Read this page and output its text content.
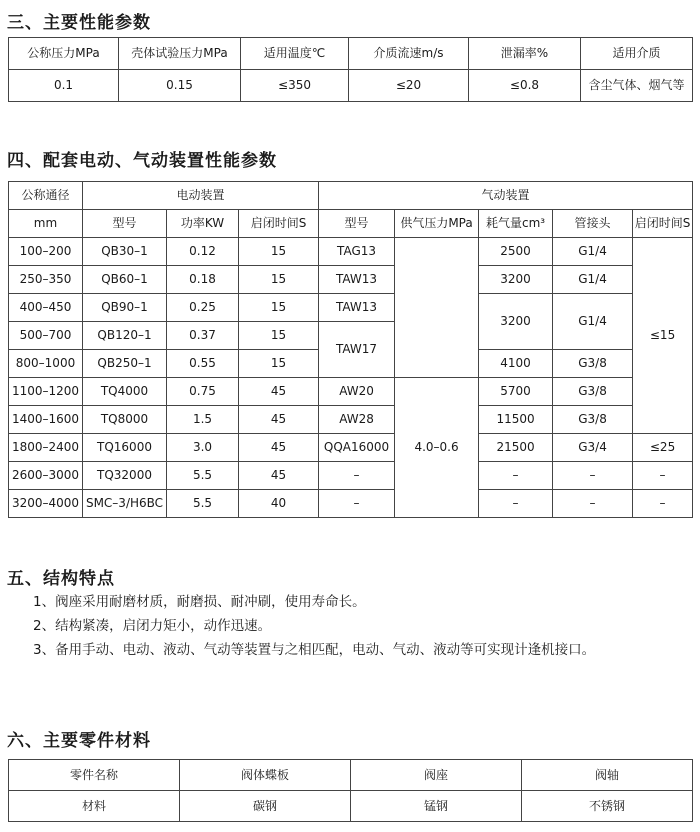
三、主要性能参数
公称压力MPa	壳体试验压力MPa	适用温度℃	介质流速m/s	泄漏率%	适用介质
0.1	0.15	≤350	≤20	≤0.8	含尘气体、烟气等
四、配套电动、气动装置性能参数
公称通径	电动装置			气动装置				
mm	型号	功率KW	启闭时间S	型号	供气压力MPa	耗气量cm³	管接头	启闭时间S
100–200	QB30–1	0.12	15	TAG13		2500	G1/4	≤15
250–350	QB60–1	0.18	15	TAW13		3200	G1/4	
400–450	QB90–1	0.25	15	TAW13		3200	G1/4	
500–700	QB120–1	0.37	15	TAW17				
800–1000	QB250–1	0.55	15			4100	G3/8	
1100–1200	TQ4000	0.75	45	AW20	4.0–0.6	5700	G3/8	
1400–1600	TQ8000	1.5	45	AW28		11500	G3/8	
1800–2400	TQ16000	3.0	45	QQA16000		21500	G3/4	≤25
2600–3000	TQ32000	5.5	45	–		–	–	–
3200–4000	SMC–3/H6BC	5.5	40	–		–	–	–
五、结构特点
1、阀座采用耐磨材质，耐磨损、耐冲刷，使用寿命长。
2、结构紧凑，启闭力矩小，动作迅速。
3、备用手动、电动、液动、气动等装置与之相匹配，电动、气动、液动等可实现计逢机接口。
六、主要零件材料
零件名称	阀体蝶板	阀座	阀轴
材料	碳钢	锰钢	不锈钢
